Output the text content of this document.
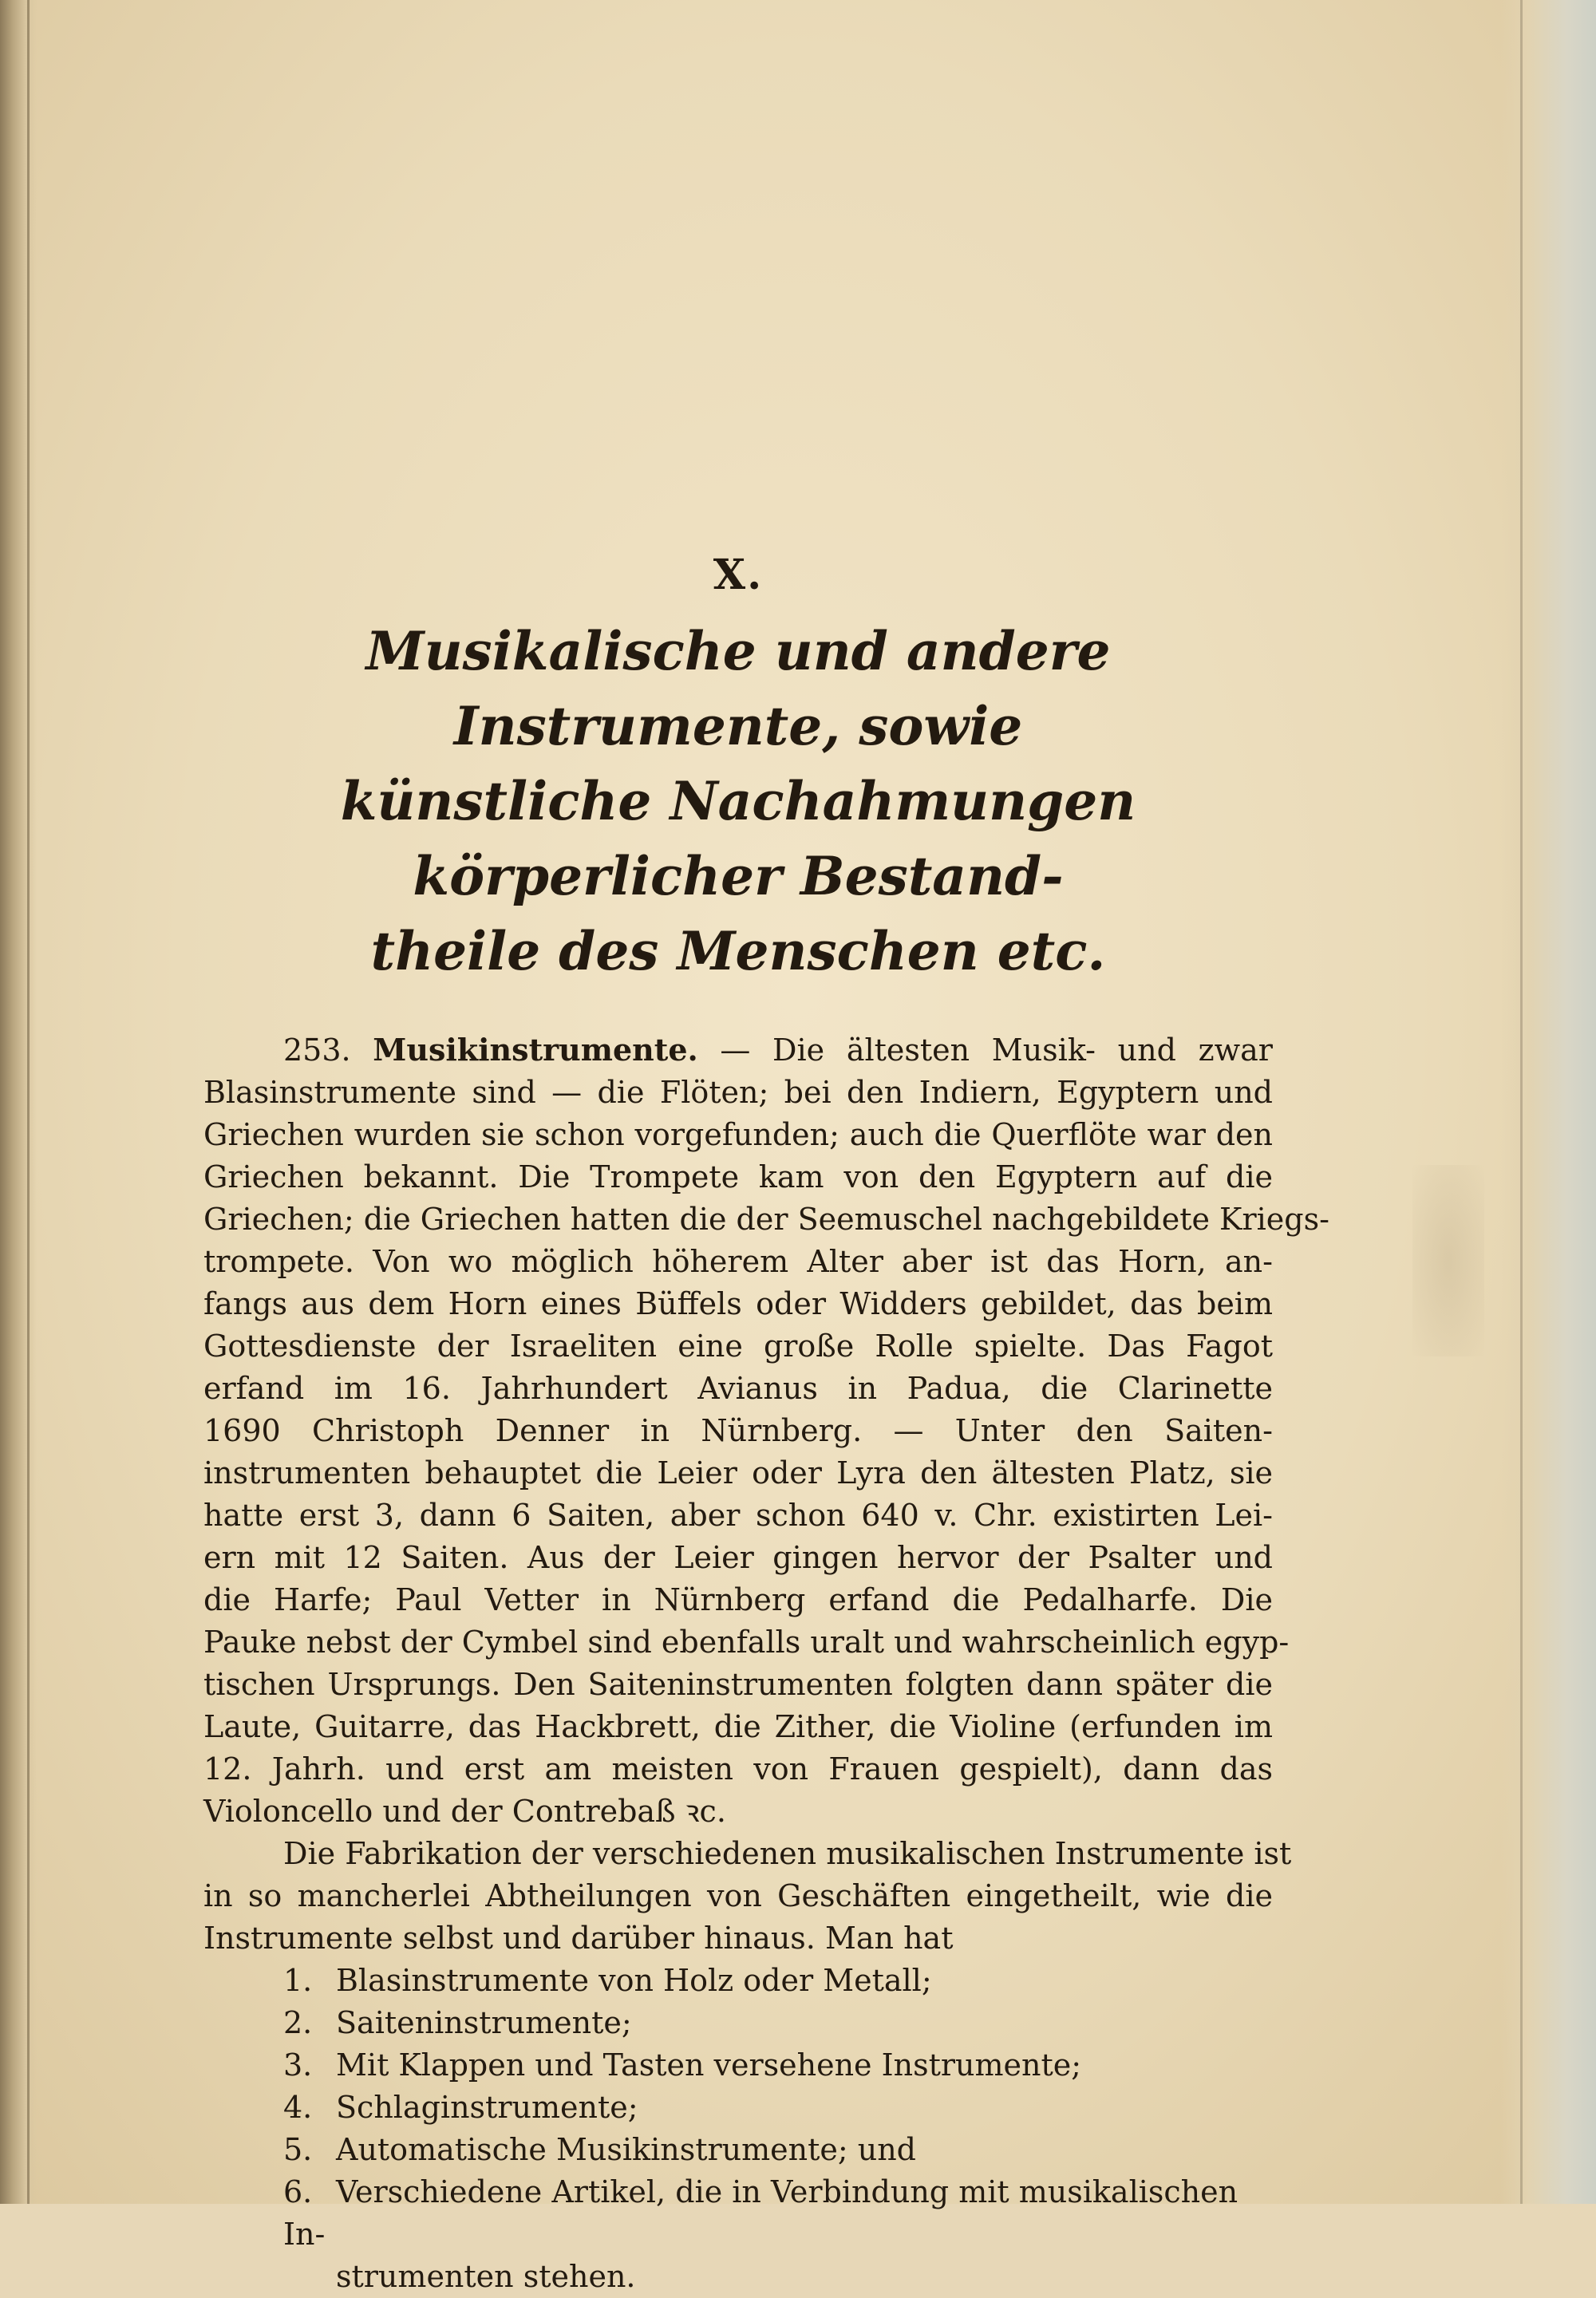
X.
Musikalische und andere Instrumente, sowie
künstliche Nachahmungen körperlicher Bestand-
theile des Menschen etc.
253. Musikinstrumente. — Die ältesten Musik- und zwar
Blasinstrumente sind — die Flöten; bei den Indiern, Egyptern und
Griechen wurden sie schon vorgefunden; auch die Querflöte war den
Griechen bekannt. Die Trompete kam von den Egyptern auf die
Griechen; die Griechen hatten die der Seemuschel nachgebildete Kriegs-
trompete. Von wo möglich höherem Alter aber ist das Horn, an-
fangs aus dem Horn eines Büffels oder Widders gebildet, das beim
Gottesdienste der Israeliten eine große Rolle spielte. Das Fagot
erfand im 16. Jahrhundert Avianus in Padua, die Clarinette
1690 Christoph Denner in Nürnberg. — Unter den Saiten-
instrumenten behauptet die Leier oder Lyra den ältesten Platz, sie
hatte erst 3, dann 6 Saiten, aber schon 640 v. Chr. existirten Lei-
ern mit 12 Saiten. Aus der Leier gingen hervor der Psalter und
die Harfe; Paul Vetter in Nürnberg erfand die Pedalharfe. Die
Pauke nebst der Cymbel sind ebenfalls uralt und wahrscheinlich egyp-
tischen Ursprungs. Den Saiteninstrumenten folgten dann später die
Laute, Guitarre, das Hackbrett, die Zither, die Violine (erfunden im
12. Jahrh. und erst am meisten von Frauen gespielt), dann das
Violoncello und der Contrebaß ꝛc.
Die Fabrikation der verschiedenen musikalischen Instrumente ist
in so mancherlei Abtheilungen von Geschäften eingetheilt, wie die
Instrumente selbst und darüber hinaus. Man hat
1. Blasinstrumente von Holz oder Metall;
2. Saiteninstrumente;
3. Mit Klappen und Tasten versehene Instrumente;
4. Schlaginstrumente;
5. Automatische Musikinstrumente; und
6. Verschiedene Artikel, die in Verbindung mit musikalischen In-
strumenten stehen.
